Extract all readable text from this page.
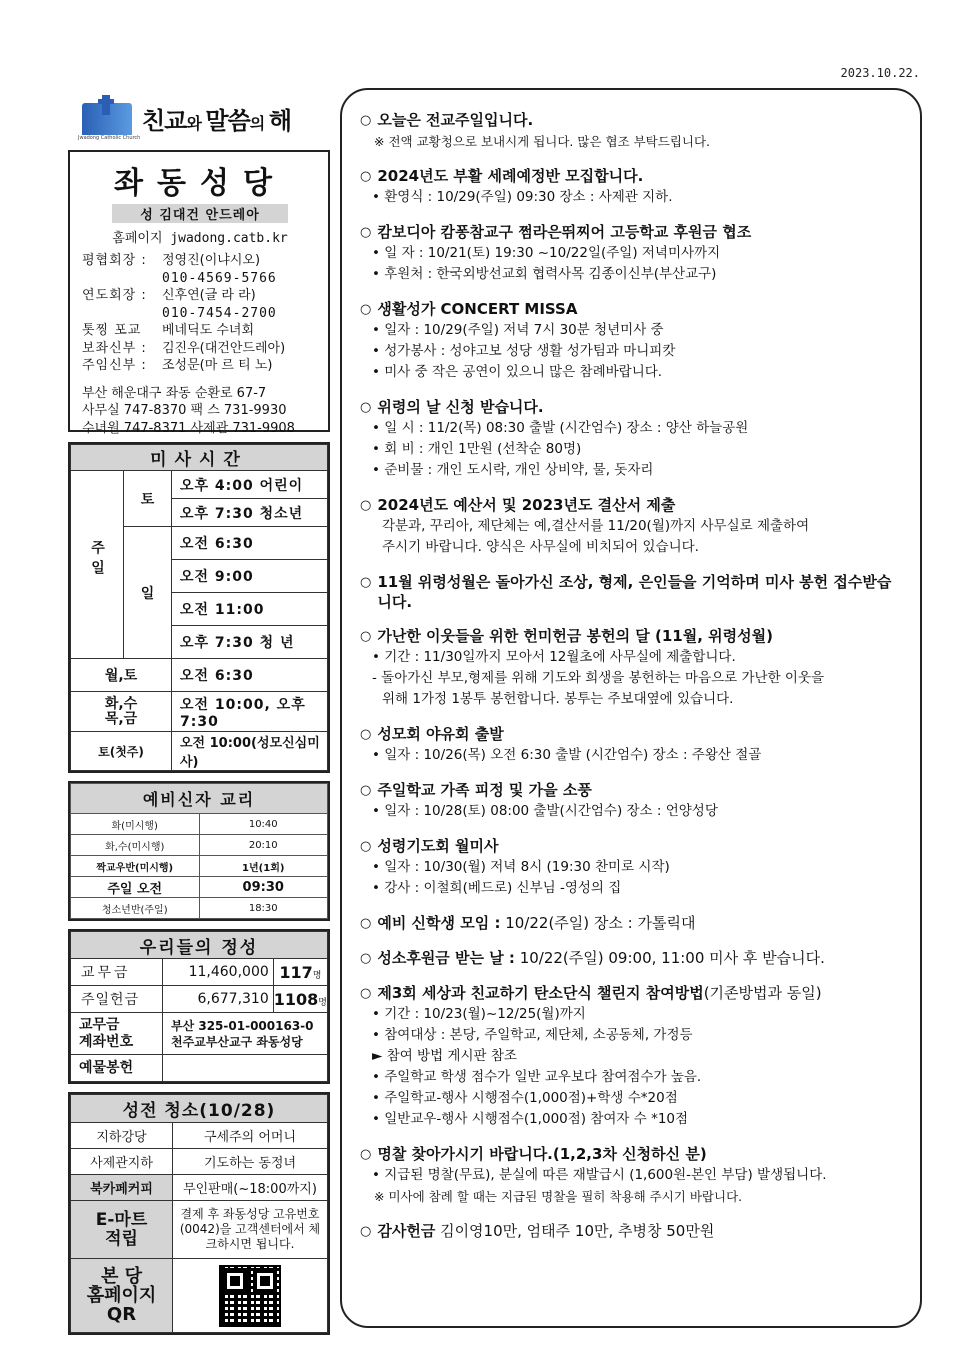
2023.10.22.
Jwadong Catholic Church
친교와 말씀의 해
좌동성당
성 김대건 안드레아
홈페이지 jwadong.catb.kr
평협회장 :	정영진(이냐시오)
010-4569-5766
연도회장 :	신후연(글 라 라)
010-7454-2700
톳찡 포교	베네딕도 수녀회
보좌신부 :	김진우(대건안드레아)
주임신부 :	조성문(마 르 티 노)
부산 해운대구 좌동 순환로 67-7
사무실 747-8370 팩 스 731-9930
수녀원 747-8371 사제관 731-9908
미사시간		
주일	토	오후 4:00 어린이
		오후 7:30 청소년
	일	오전 6:30
		오전 9:00
		오전 11:00
		오후 7:30 청 년
월,토		오전 6:30
화,수
목,금		오전 10:00, 오후 7:30
토(첫주)		오전 10:00(성모신심미사)
예비신자 교리	
화(미시행)	10:40
화,수(미시행)	20:10
짝교우반(미시행)	1년(1회)
주일 오전	09:30
청소년반(주일)	18:30
우리들의 정성		
교무금	11,460,000	117명
주일헌금	6,677,310	1108명
교무금
계좌번호	부산 325-01-000163-0
천주교부산교구 좌동성당	
예물봉헌		
성전 청소(10/28)	
지하강당	구세주의 어머니
사제관지하	기도하는 동정녀
북카페커피	무인판매(~18:00까지)
E-마트
적립	결제 후 좌동성당 고유번호(0042)을 고객센터에서 체크하시면 됩니다.
본 당
홈페이지
QR	
○ 오늘은 전교주일입니다.
※ 전액 교황청으로 보내시게 됩니다. 많은 협조 부탁드립니다.
○ 2024년도 부활 세례예정반 모집합니다.
• 환영식 : 10/29(주일) 09:30 장소 : 사제관 지하.
○ 캄보디아 캄퐁참교구 쩜라은뛰찌어 고등학교 후원금 협조
• 일 자 : 10/21(토) 19:30 ~10/22일(주일) 저녁미사까지
• 후원처 : 한국외방선교회 협력사목 김종이신부(부산교구)
○ 생활성가 CONCERT MISSA
• 일자 : 10/29(주일) 저녁 7시 30분 청년미사 중
• 성가봉사 : 성야고보 성당 생활 성가팀과 마니피캇
• 미사 중 작은 공연이 있으니 많은 참례바랍니다.
○ 위령의 날 신청 받습니다.
• 일 시 : 11/2(목) 08:30 출발 (시간엄수) 장소 : 양산 하늘공원
• 회 비 : 개인 1만원 (선착순 80명)
• 준비물 : 개인 도시락, 개인 상비약, 물, 돗자리
○ 2024년도 예산서 및 2023년도 결산서 제출
각분과, 꾸리아, 제단체는 예,결산서를 11/20(월)까지 사무실로 제출하여
주시기 바랍니다. 양식은 사무실에 비치되어 있습니다.
○ 11월 위령성월은 돌아가신 조상, 형제, 은인들을 기억하며 미사 봉헌 접수받습니다.
○ 가난한 이웃들을 위한 헌미헌금 봉헌의 달 (11월, 위령성월)
• 기간 : 11/30일까지 모아서 12월초에 사무실에 제출합니다.
- 돌아가신 부모,형제를 위해 기도와 희생을 봉헌하는 마음으로 가난한 이웃을
위해 1가정 1봉투 봉헌합니다. 봉투는 주보대옆에 있습니다.
○ 성모회 야유회 출발
• 일자 : 10/26(목) 오전 6:30 출발 (시간엄수) 장소 : 주왕산 절골
○ 주일학교 가족 피정 및 가을 소풍
• 일자 : 10/28(토) 08:00 출발(시간엄수) 장소 : 언양성당
○ 성령기도회 월미사
• 일자 : 10/30(월) 저녁 8시 (19:30 찬미로 시작)
• 강사 : 이철희(베드로) 신부님 -영성의 집
○ 예비 신학생 모임 : 10/22(주일) 장소 : 가톨릭대
○ 성소후원금 받는 날 : 10/22(주일) 09:00, 11:00 미사 후 받습니다.
○ 제3회 세상과 친교하기 탄소단식 챌린지 참여방법(기존방법과 동일)
• 기간 : 10/23(월)~12/25(월)까지
• 참여대상 : 본당, 주일학교, 제단체, 소공동체, 가정등
► 참여 방법 게시판 참조
• 주일학교 학생 점수가 일반 교우보다 참여점수가 높음.
• 주일학교-행사 시행점수(1,000점)+학생 수*20점
• 일반교우-행사 시행점수(1,000점) 참여자 수 *10점
○ 명찰 찾아가시기 바랍니다.(1,2,3차 신청하신 분)
• 지급된 명찰(무료), 분실에 따른 재발급시 (1,600원-본인 부담) 발생됩니다.
※ 미사에 참례 할 때는 지급된 명찰을 필히 착용해 주시기 바랍니다.
○ 감사헌금 김이영10만, 엄태주 10만, 추병창 50만원
